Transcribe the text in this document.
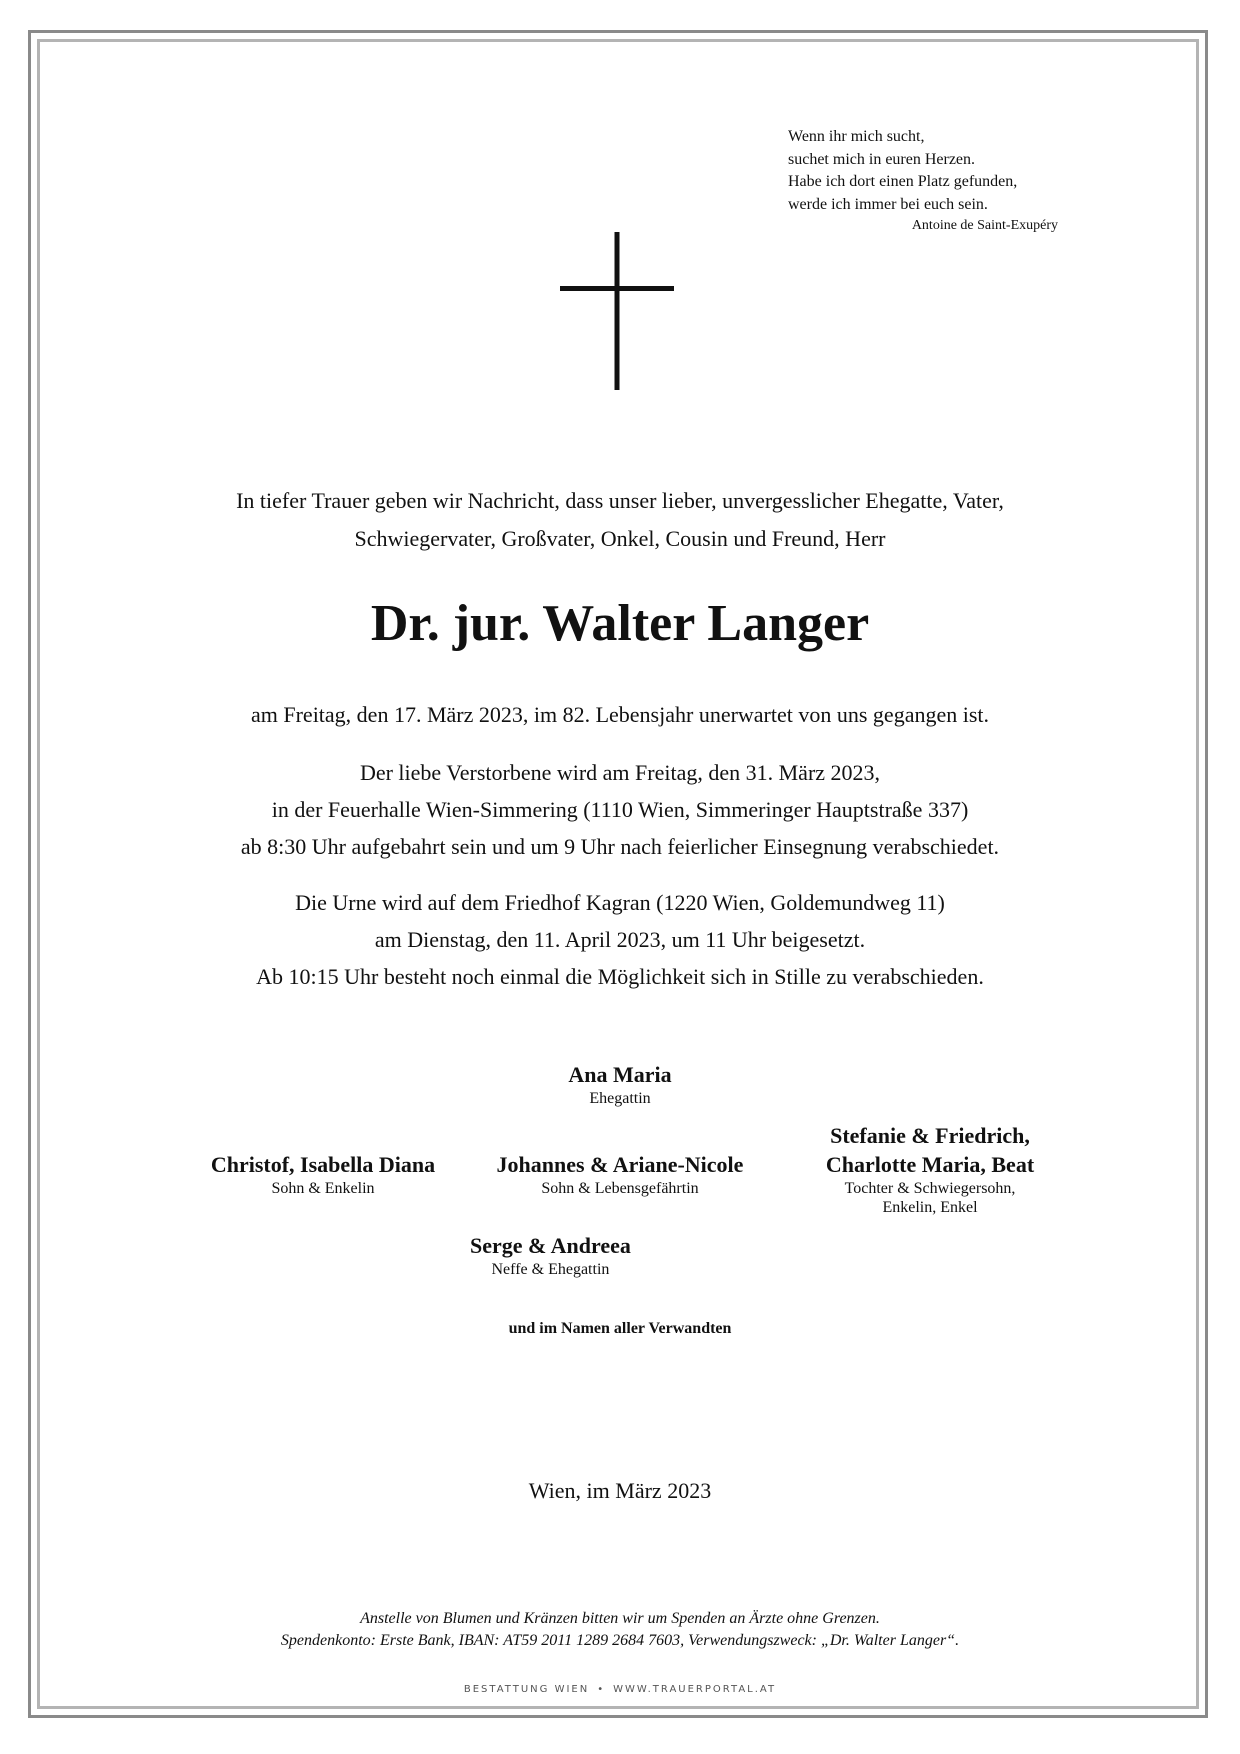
Wenn ihr mich sucht,
suchet mich in euren Herzen.
Habe ich dort einen Platz gefunden,
werde ich immer bei euch sein.
Antoine de Saint-Exupéry
In tiefer Trauer geben wir Nachricht, dass unser lieber, unvergesslicher Ehegatte, Vater,
Schwiegervater, Großvater, Onkel, Cousin und Freund, Herr
Dr. jur. Walter Langer
am Freitag, den 17. März 2023, im 82. Lebensjahr unerwartet von uns gegangen ist.
Der liebe Verstorbene wird am Freitag, den 31. März 2023,
in der Feuerhalle Wien-Simmering (1110 Wien, Simmeringer Hauptstraße 337)
ab 8:30 Uhr aufgebahrt sein und um 9 Uhr nach feierlicher Einsegnung verabschiedet.
Die Urne wird auf dem Friedhof Kagran (1220 Wien, Goldemundweg 11)
am Dienstag, den 11. April 2023, um 11 Uhr beigesetzt.
Ab 10:15 Uhr besteht noch einmal die Möglichkeit sich in Stille zu verabschieden.
Ana Maria
Ehegattin
Christof, Isabella Diana
Sohn & Enkelin
Johannes & Ariane-Nicole
Sohn & Lebensgefährtin
Stefanie & Friedrich,
Charlotte Maria, Beat
Tochter & Schwiegersohn,
Enkelin, Enkel
Serge & Andreea
Neffe & Ehegattin
und im Namen aller Verwandten
Wien, im März 2023
Anstelle von Blumen und Kränzen bitten wir um Spenden an Ärzte ohne Grenzen.
Spendenkonto: Erste Bank, IBAN: AT59 2011 1289 2684 7603, Verwendungszweck: „Dr. Walter Langer“.
BESTATTUNG WIEN • WWW.TRAUERPORTAL.AT
